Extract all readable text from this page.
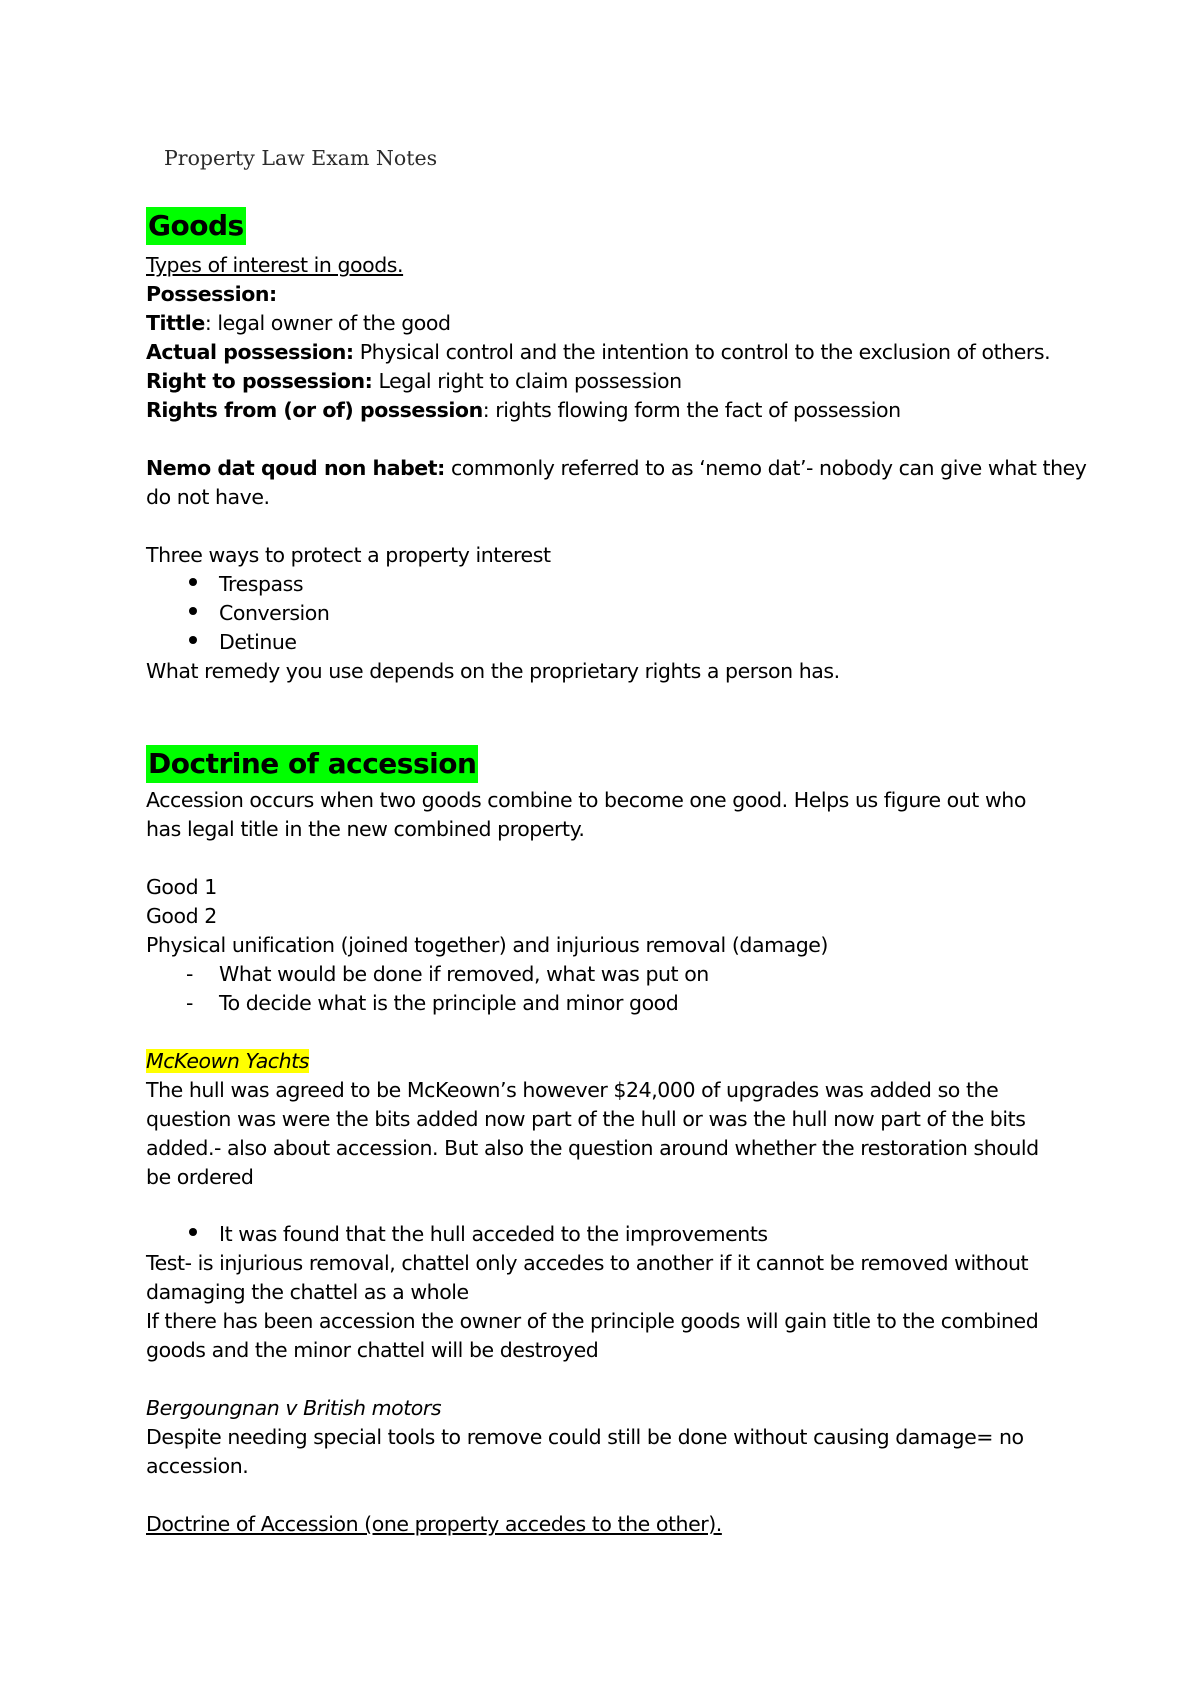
Property Law Exam Notes
Goods
Types of interest in goods.
Possession:
Tittle: legal owner of the good
Actual possession: Physical control and the intention to control to the exclusion of others.
Right to possession: Legal right to claim possession
Rights from (or of) possession: rights flowing form the fact of possession
Nemo dat qoud non habet: commonly referred to as ‘nemo dat’- nobody can give what they
do not have.
Three ways to protect a property interest
Trespass
Conversion
Detinue
What remedy you use depends on the proprietary rights a person has.
Doctrine of accession
Accession occurs when two goods combine to become one good. Helps us figure out who
has legal title in the new combined property.
Good 1
Good 2
Physical unification (joined together) and injurious removal (damage)
- What would be done if removed, what was put on
- To decide what is the principle and minor good
McKeown Yachts
The hull was agreed to be McKeown’s however $24,000 of upgrades was added so the
question was were the bits added now part of the hull or was the hull now part of the bits
added.- also about accession. But also the question around whether the restoration should
be ordered
It was found that the hull acceded to the improvements
Test- is injurious removal, chattel only accedes to another if it cannot be removed without
damaging the chattel as a whole
If there has been accession the owner of the principle goods will gain title to the combined
goods and the minor chattel will be destroyed
Bergoungnan v British motors
Despite needing special tools to remove could still be done without causing damage= no
accession.
Doctrine of Accession (one property accedes to the other).
